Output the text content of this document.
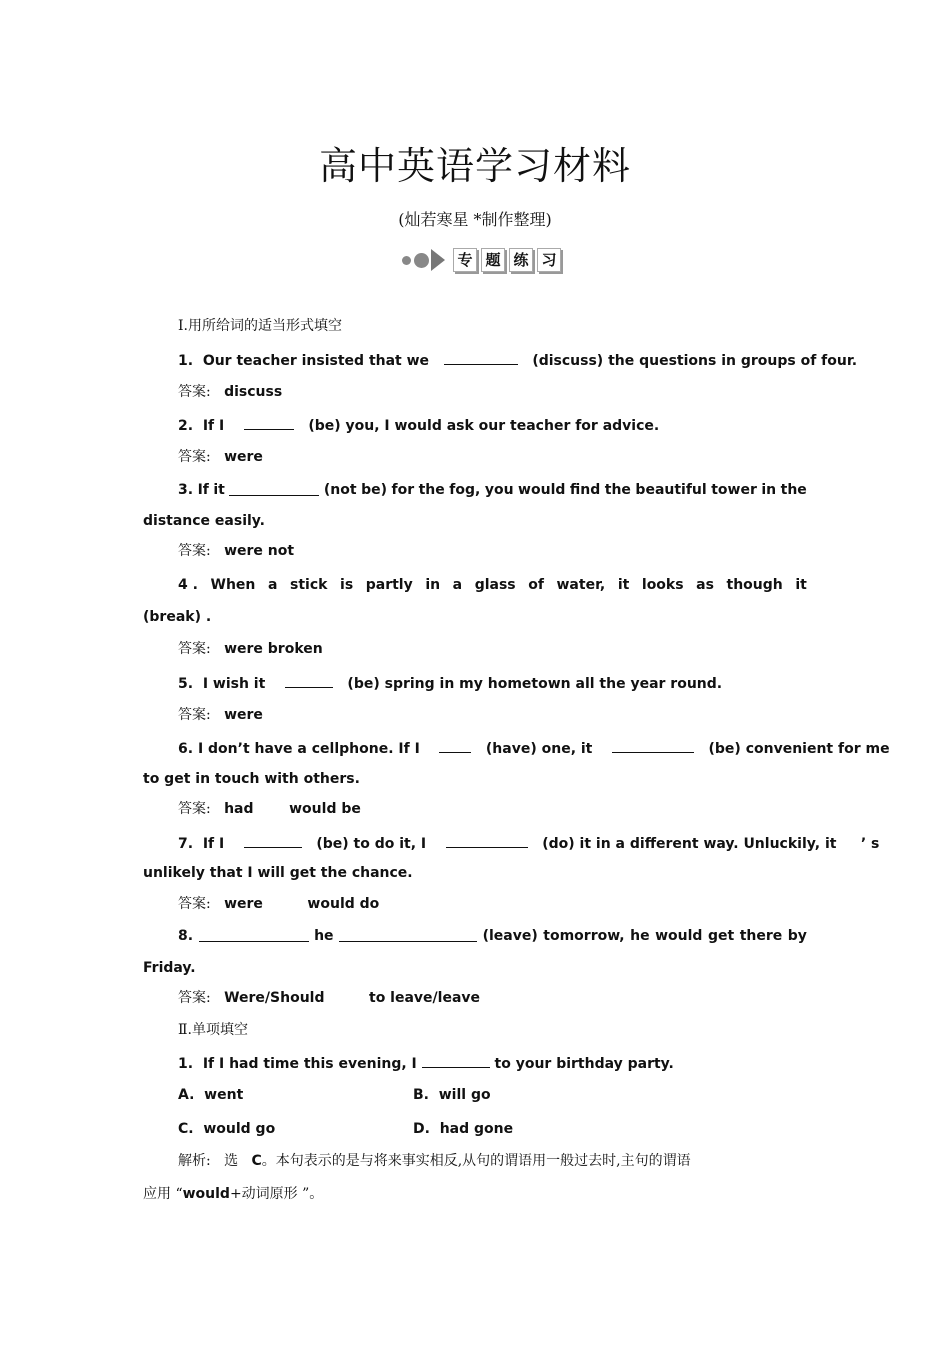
高中英语学习材料
(灿若寒星 *制作整理)
专 题 练 习
Ⅰ.用所给词的适当形式填空
1. Our teacher insisted that we	(discuss) the questions in groups of four.
答案: discuss
2. If I	(be) you, I would ask our teacher for advice.
答案: were
3. If it	(not be) for the fog, you would find the beautiful tower in the
distance easily.
答案: were not
4 . When a stick is partly in a glass of water, it looks as though it
(break) .
答案: were broken
5. I wish it	(be) spring in my hometown all the year round.
答案: were
6. I don’t have a cellphone. If I	(have) one, it	(be) convenient for me
to get in touch with others.
答案: had	would be
7. If I	(be) to do it, I	(do) it in a different way. Unluckily, it ’ s
unlikely that I will get the chance.
答案: were	would do
8.	he	(leave) tomorrow, he would get there by
Friday.
答案: Were/Should	to leave/leave
Ⅱ.单项填空
1. If I had time this evening, I	to your birthday party.
A. went	B. will go
C. would go	D. had gone
解析: 选 C。本句表示的是与将来事实相反,从句的谓语用一般过去时,主句的谓语
应用 “would+动词原形 ”。
